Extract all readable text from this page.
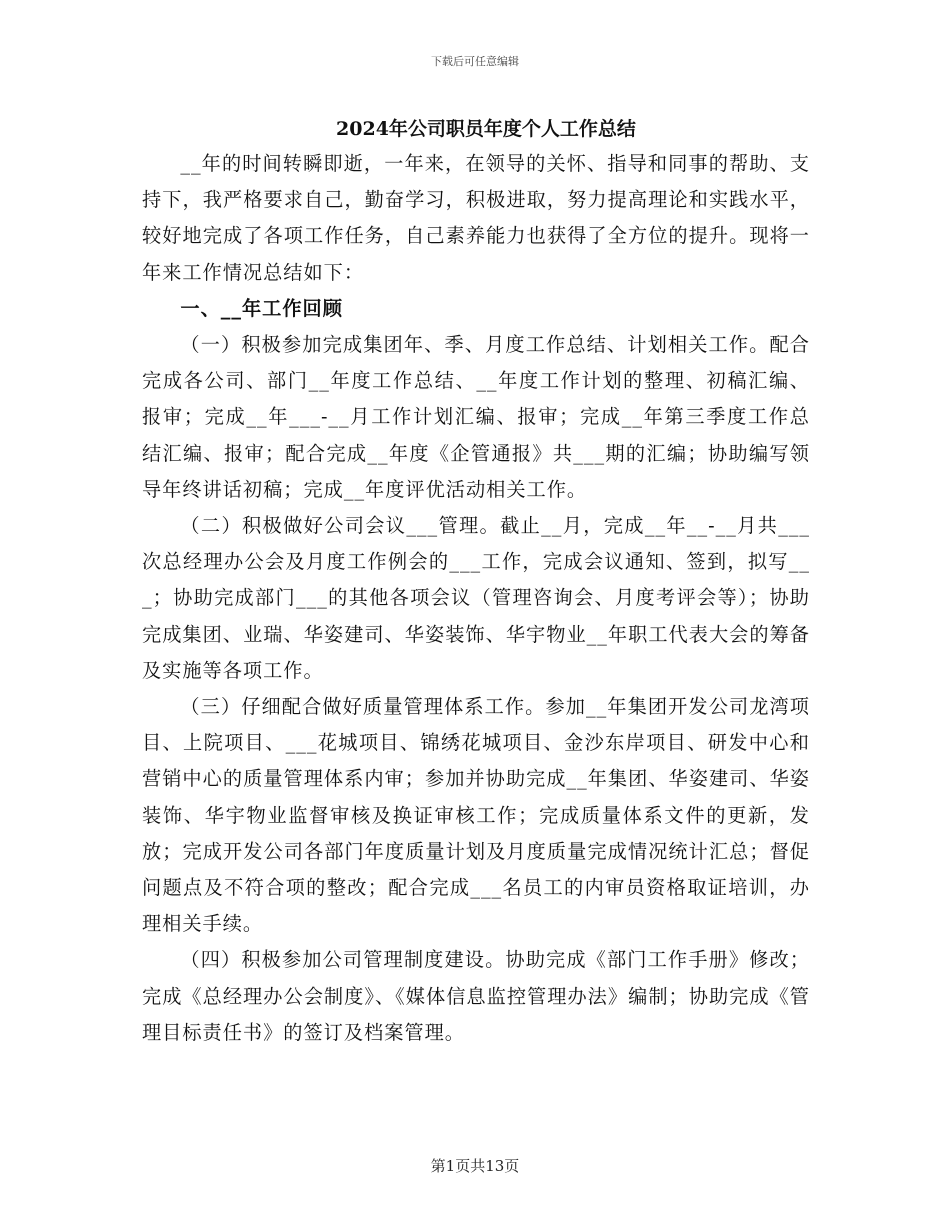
下载后可任意编辑
2024年公司职员年度个人工作总结

__年的时间转瞬即逝，一年来，在领导的关怀、指导和同事的帮助、支持下，我严格要求自己，勤奋学习，积极进取，努力提高理论和实践水平，较好地完成了各项工作任务，自己素养能力也获得了全方位的提升。现将一年来工作情况总结如下：

一、__年工作回顾

（一）积极参加完成集团年、季、月度工作总结、计划相关工作。配合完成各公司、部门__年度工作总结、__年度工作计划的整理、初稿汇编、报审；完成__年___-__月工作计划汇编、报审；完成__年第三季度工作总结汇编、报审；配合完成__年度《企管通报》共___期的汇编；协助编写领导年终讲话初稿；完成__年度评优活动相关工作。

（二）积极做好公司会议___管理。截止__月，完成__年__-__月共___次总经理办公会及月度工作例会的___工作，完成会议通知、签到，拟写___；协助完成部门___的其他各项会议（管理咨询会、月度考评会等）；协助完成集团、业瑞、华姿建司、华姿装饰、华宇物业__年职工代表大会的筹备及实施等各项工作。

（三）仔细配合做好质量管理体系工作。参加__年集团开发公司龙湾项目、上院项目、___花城项目、锦绣花城项目、金沙东岸项目、研发中心和营销中心的质量管理体系内审；参加并协助完成__年集团、华姿建司、华姿装饰、华宇物业监督审核及换证审核工作；完成质量体系文件的更新，发放；完成开发公司各部门年度质量计划及月度质量完成情况统计汇总；督促问题点及不符合项的整改；配合完成___名员工的内审员资格取证培训，办理相关手续。

（四）积极参加公司管理制度建设。协助完成《部门工作手册》修改；完成《总经理办公会制度》、《媒体信息监控管理办法》编制；协助完成《管理目标责任书》的签订及档案管理。

第1页共13页
